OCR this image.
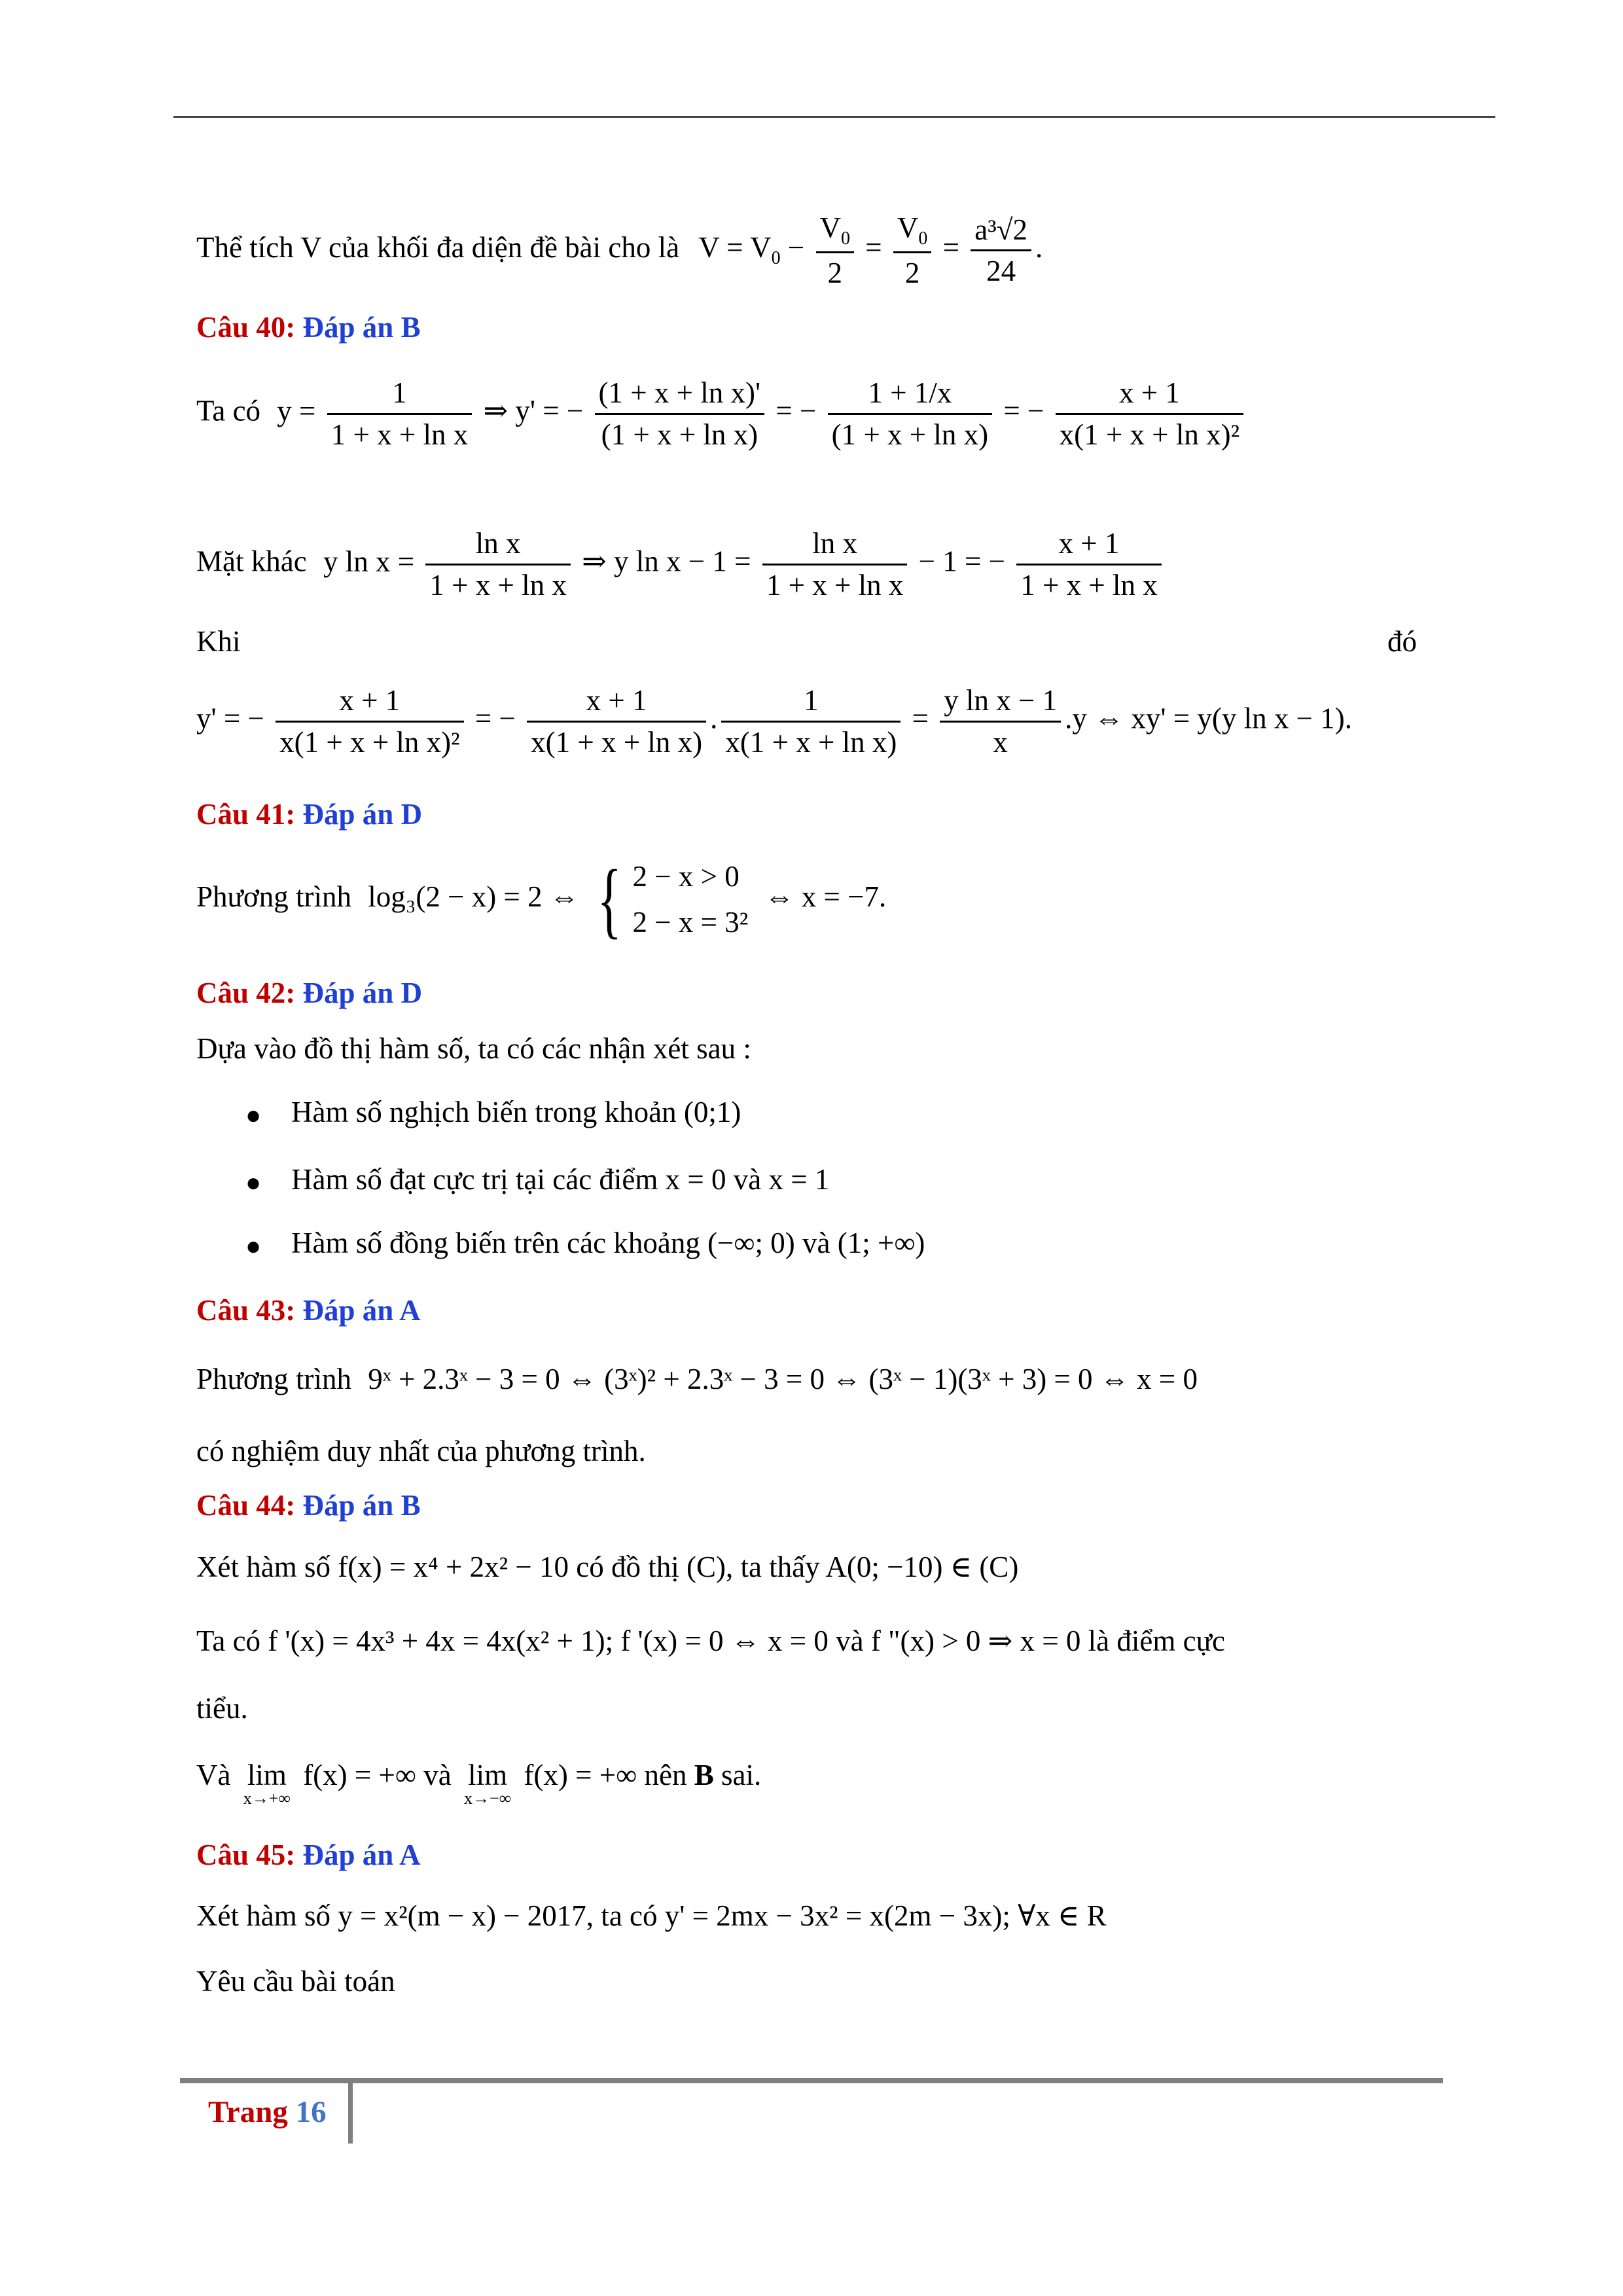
Thể tích V của khối đa diện đề bài cho là $V = V_0 - \frac{V_0}{2} = \frac{V_0}{2} = \frac{\text{a³√2}}{24}$ .
Câu 40: Đáp án B
Ta có $y = \frac{1}{\text{1 + x + ln x}}$ ⇒ y' = − $\frac{\text{(1 + x + ln x)'}}{\text{(1 + x + ln x)}}$ = − $\frac{1 + 1/x}{\text{(1 + x + ln x)}}$ = − $\frac{x + 1}{\text{x(1 + x + ln x)²}}$
Mặt khác y $\ln x = \frac{\text{ln x}}{\text{1 + x + ln x}}$ ⇒ y $\ln x - 1 = \frac{\text{ln x}}{\text{1 + x + ln x}} - 1$ = − $\frac{x + 1}{\text{1 + x + ln x}}$
Khi	đó
y' = − $\frac{x + 1}{\text{x(1 + x + ln x)²}}$ = − $\frac{x + 1}{\text{x(1 + x + ln x)}}$ . $\frac{1}{\text{x(1 + x + ln x)}} = \frac{\text{y ln x − 1}}{x} .y$ ⇔ xy' = y(y ln x − 1).
Câu 41: Đáp án D
Phương trình log₃(2 − x) = 2 ⇔ { 2 − x > 0
2 − x = 3²
⇔ x = −7.
Câu 42: Đáp án D
Dựa vào đồ thị hàm số, ta có các nhận xét sau :
● Hàm số nghịch biến trong khoản (0;1)
● Hàm số đạt cực trị tại các điểm x = 0 và x = 1
● Hàm số đồng biến trên các khoảng (−∞; 0) và (1; +∞)
Câu 43: Đáp án A
Phương trình 9ˣ + 2.3ˣ − 3 = 0 ⇔ (3ˣ)² + 2.3ˣ − 3 = 0 ⇔ (3ˣ − 1)(3ˣ + 3) = 0 ⇔ x = 0
có nghiệm duy nhất của phương trình.
Câu 44: Đáp án B
Xét hàm số f(x) = x⁴ + 2x² − 10 có đồ thị (C), ta thấy A(0; −10) ∈ (C)
Ta có f '(x) = 4x³ + 4x = 4x(x² + 1); f '(x) = 0 ⇔ x = 0 và f "(x) > 0 ⇒ x = 0 là điểm cực
tiểu.
Và lim
x→+∞
f(x) = +∞ và lim
x→−∞
f(x) = +∞ nên B sai.
Câu 45: Đáp án A
Xét hàm số y = x²(m − x) − 2017, ta có y' = 2mx − 3x² = x(2m − 3x); ∀x ∈ R
Yêu cầu bài toán
Trang 16
